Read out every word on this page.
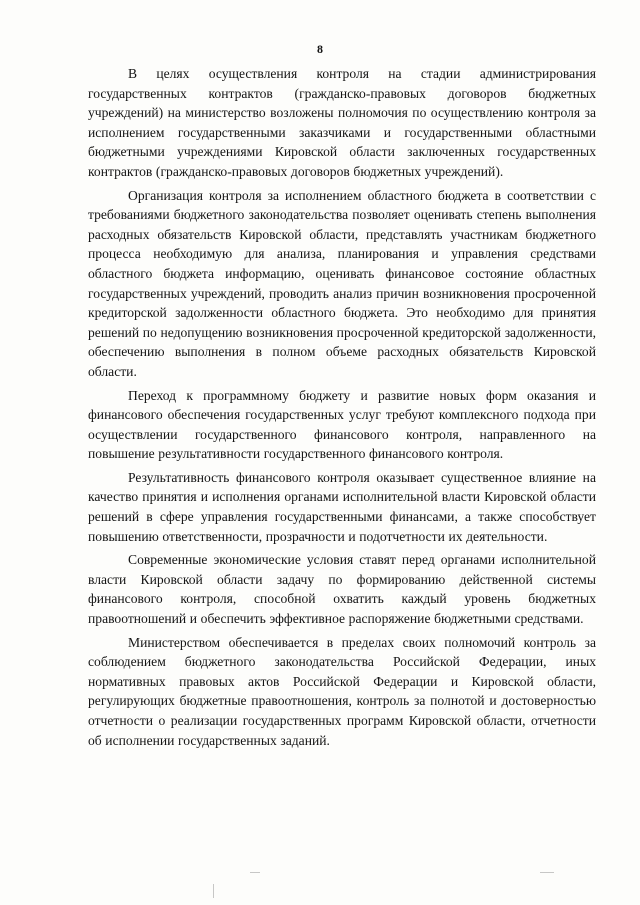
8

В целях осуществления контроля на стадии администрирования государственных контрактов (гражданско-правовых договоров бюджетных учреждений) на министерство возложены полномочия по осуществлению контроля за исполнением государственными заказчиками и государственными областными бюджетными учреждениями Кировской области заключенных государственных контрактов (гражданско-правовых договоров бюджетных учреждений).

Организация контроля за исполнением областного бюджета в соответствии с требованиями бюджетного законодательства позволяет оценивать степень выполнения расходных обязательств Кировской области, представлять участникам бюджетного процесса необходимую для анализа, планирования и управления средствами областного бюджета информацию, оценивать финансовое состояние областных государственных учреждений, проводить анализ причин возникновения просроченной кредиторской задолженности областного бюджета. Это необходимо для принятия решений по недопущению возникновения просроченной кредиторской задолженности, обеспечению выполнения в полном объеме расходных обязательств Кировской области.

Переход к программному бюджету и развитие новых форм оказания и финансового обеспечения государственных услуг требуют комплексного подхода при осуществлении государственного финансового контроля, направленного на повышение результативности государственного финансового контроля.

Результативность финансового контроля оказывает существенное влияние на качество принятия и исполнения органами исполнительной власти Кировской области решений в сфере управления государственными финансами, а также способствует повышению ответственности, прозрачности и подотчетности их деятельности.

Современные экономические условия ставят перед органами исполнительной власти Кировской области задачу по формированию действенной системы финансового контроля, способной охватить каждый уровень бюджетных правоотношений и обеспечить эффективное распоряжение бюджетными средствами.

Министерством обеспечивается в пределах своих полномочий контроль за соблюдением бюджетного законодательства Российской Федерации, иных нормативных правовых актов Российской Федерации и Кировской области, регулирующих бюджетные правоотношения, контроль за полнотой и достоверностью отчетности о реализации государственных программ Кировской области, отчетности об исполнении государственных заданий.
